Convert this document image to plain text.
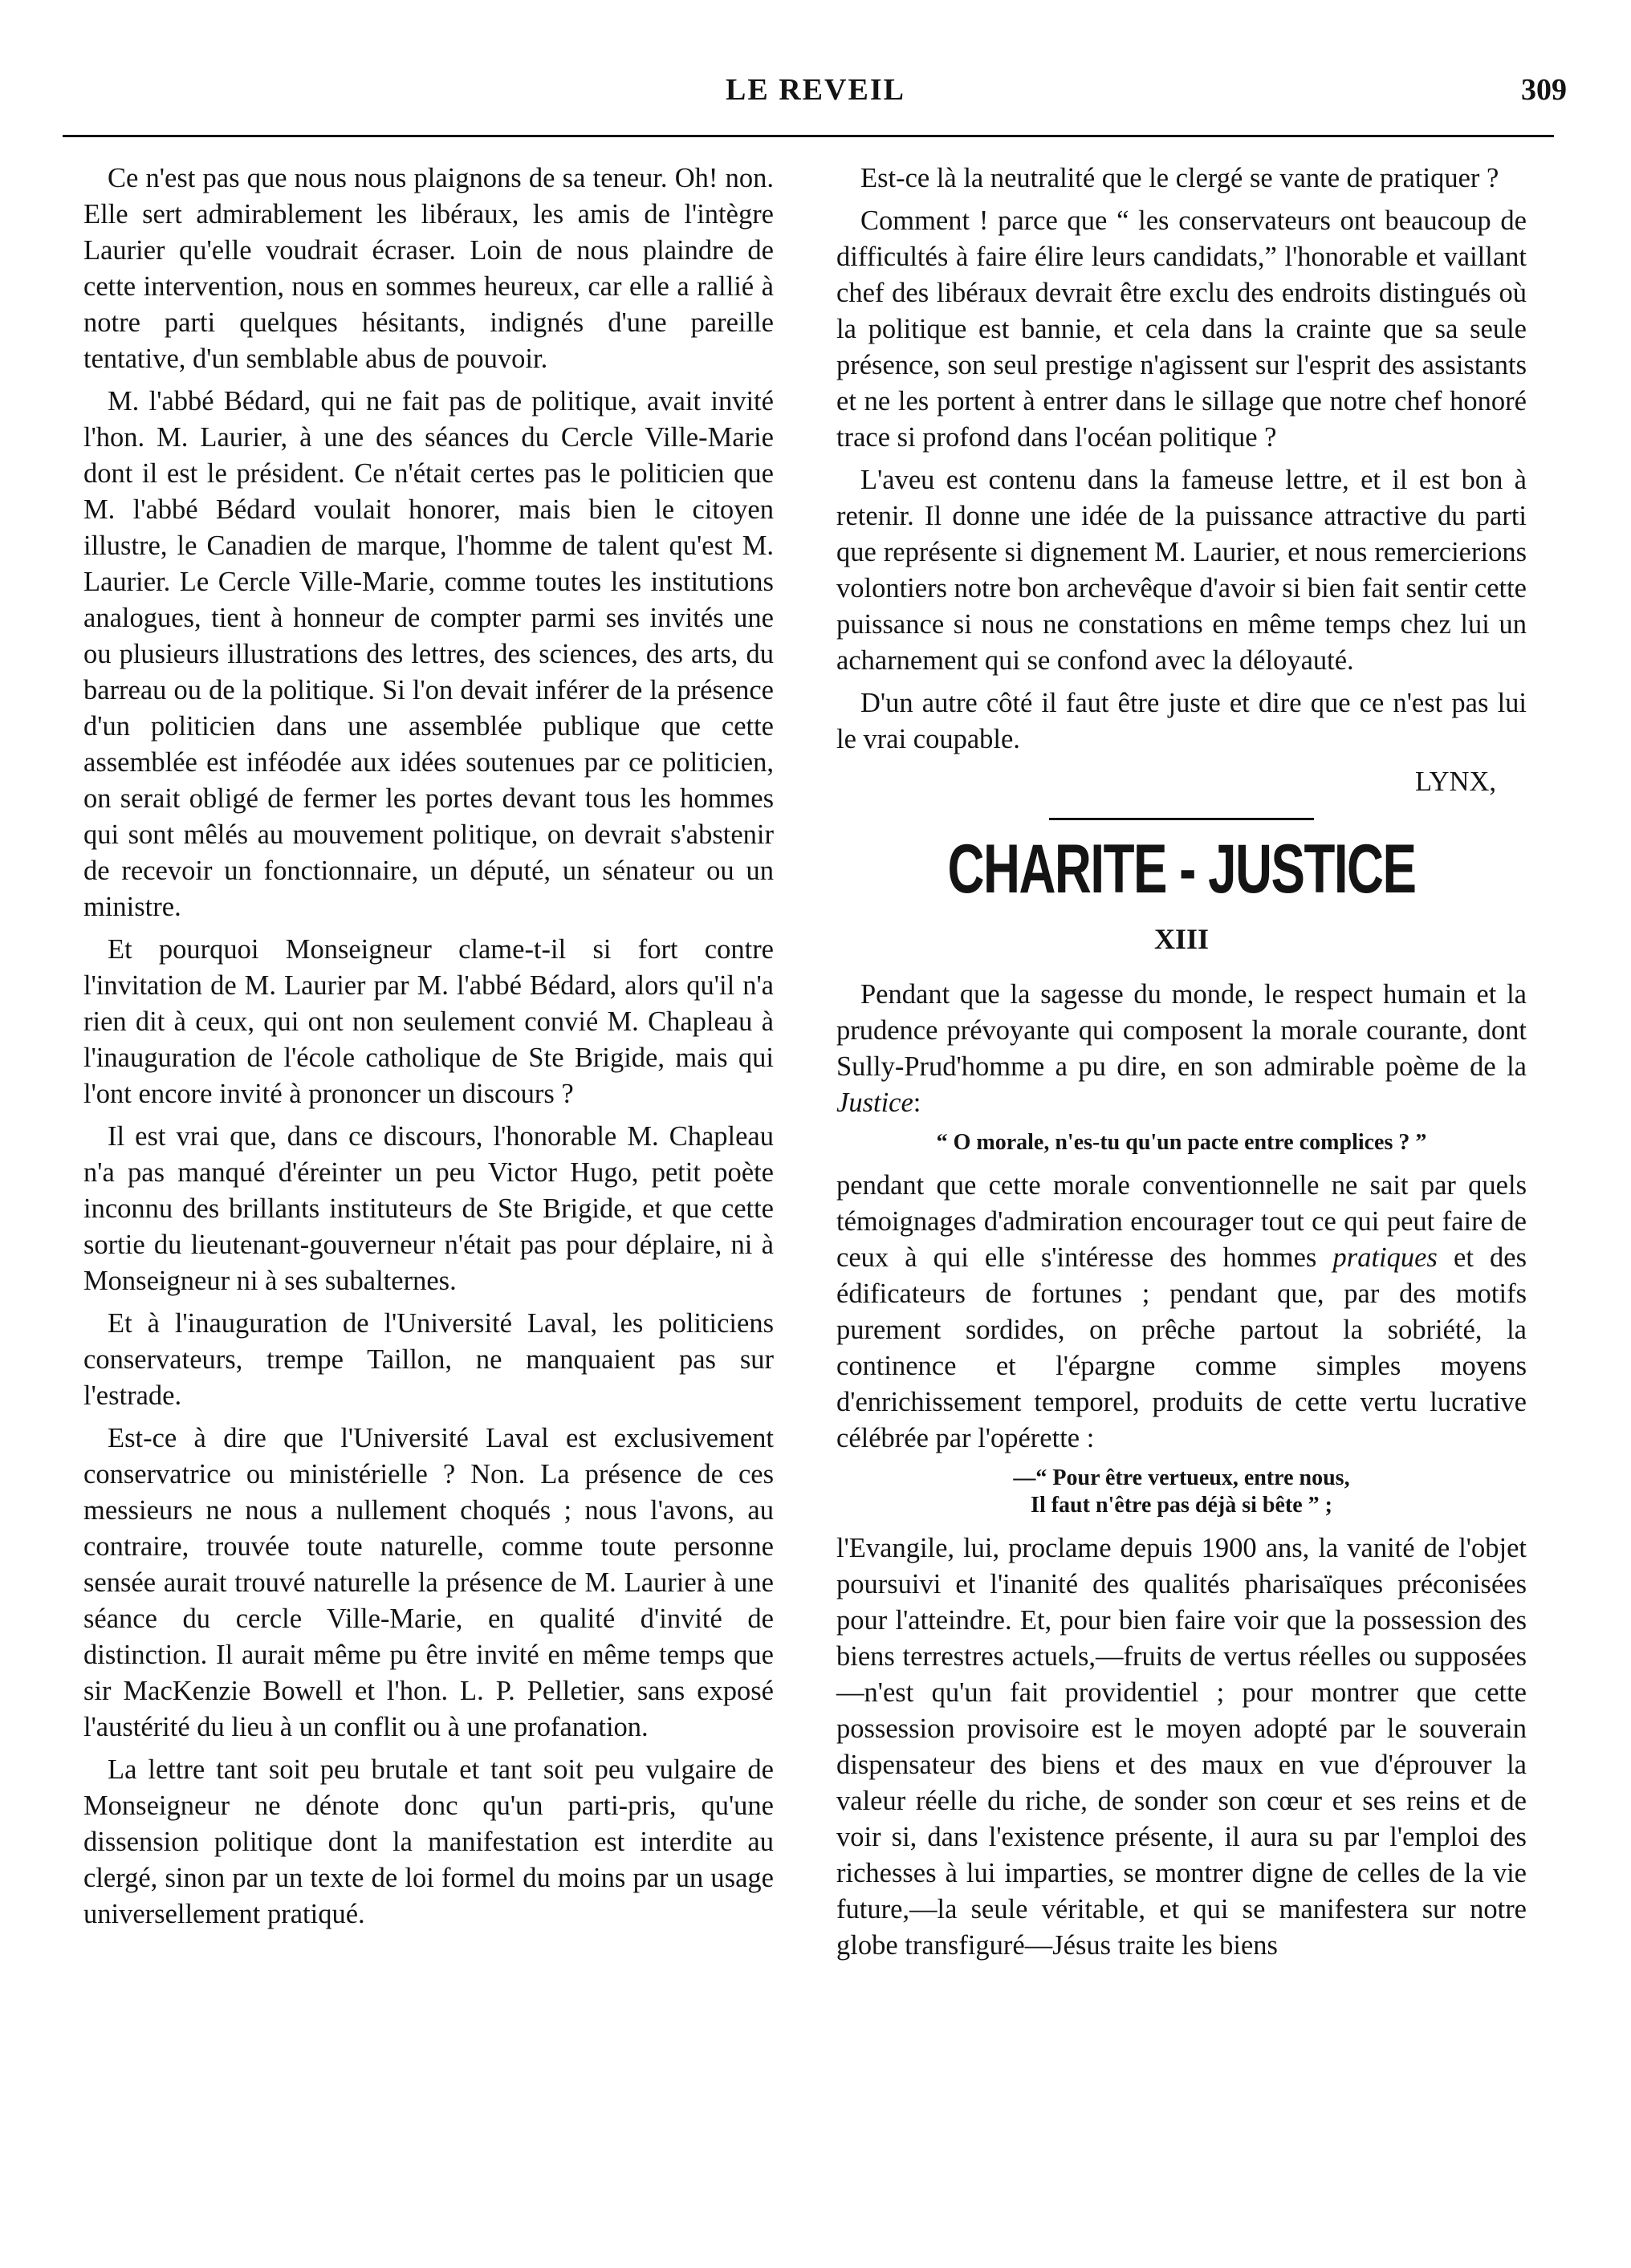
LE REVEIL	309

Ce n'est pas que nous nous plaignons de sa teneur. Oh! non. Elle sert admirablement les libéraux, les amis de l'intègre Laurier qu'elle voudrait écraser. Loin de nous plaindre de cette intervention, nous en sommes heureux, car elle a rallié à notre parti quelques hésitants, indignés d'une pareille tentative, d'un semblable abus de pouvoir.

M. l'abbé Bédard, qui ne fait pas de politique, avait invité l'hon. M. Laurier, à une des séances du Cercle Ville-Marie dont il est le président. Ce n'était certes pas le politicien que M. l'abbé Bédard voulait honorer, mais bien le citoyen illustre, le Canadien de marque, l'homme de talent qu'est M. Laurier. Le Cercle Ville-Marie, comme toutes les institutions analogues, tient à honneur de compter parmi ses invités une ou plusieurs illustrations des lettres, des sciences, des arts, du barreau ou de la politique. Si l'on devait inférer de la présence d'un politicien dans une assemblée publique que cette assemblée est inféodée aux idées soutenues par ce politicien, on serait obligé de fermer les portes devant tous les hommes qui sont mêlés au mouvement politique, on devrait s'abstenir de recevoir un fonctionnaire, un député, un sénateur ou un ministre.

Et pourquoi Monseigneur clame-t-il si fort contre l'invitation de M. Laurier par M. l'abbé Bédard, alors qu'il n'a rien dit à ceux, qui ont non seulement convié M. Chapleau à l'inauguration de l'école catholique de Ste Brigide, mais qui l'ont encore invité à prononcer un discours ?

Il est vrai que, dans ce discours, l'honorable M. Chapleau n'a pas manqué d'éreinter un peu Victor Hugo, petit poète inconnu des brillants instituteurs de Ste Brigide, et que cette sortie du lieutenant-gouverneur n'était pas pour déplaire, ni à Monseigneur ni à ses subalternes.

Et à l'inauguration de l'Université Laval, les politiciens conservateurs, trempe Taillon, ne manquaient pas sur l'estrade.

Est-ce à dire que l'Université Laval est exclusivement conservatrice ou ministérielle ? Non. La présence de ces messieurs ne nous a nullement choqués ; nous l'avons, au contraire, trouvée toute naturelle, comme toute personne sensée aurait trouvé naturelle la présence de M. Laurier à une séance du cercle Ville-Marie, en qualité d'invité de distinction. Il aurait même pu être invité en même temps que sir MacKenzie Bowell et l'hon. L. P. Pelletier, sans exposé l'austérité du lieu à un conflit ou à une profanation.

La lettre tant soit peu brutale et tant soit peu vulgaire de Monseigneur ne dénote donc qu'un parti-pris, qu'une dissension politique dont la manifestation est interdite au clergé, sinon par un texte de loi formel du moins par un usage universellement pratiqué.

Est-ce là la neutralité que le clergé se vante de pratiquer ?

Comment ! parce que “ les conservateurs ont beaucoup de difficultés à faire élire leurs candidats,” l'honorable et vaillant chef des libéraux devrait être exclu des endroits distingués où la politique est bannie, et cela dans la crainte que sa seule présence, son seul prestige n'agissent sur l'esprit des assistants et ne les portent à entrer dans le sillage que notre chef honoré trace si profond dans l'océan politique ?

L'aveu est contenu dans la fameuse lettre, et il est bon à retenir. Il donne une idée de la puissance attractive du parti que représente si dignement M. Laurier, et nous remercierions volontiers notre bon archevêque d'avoir si bien fait sentir cette puissance si nous ne constations en même temps chez lui un acharnement qui se confond avec la déloyauté.

D'un autre côté il faut être juste et dire que ce n'est pas lui le vrai coupable.

LYNX,

CHARITE - JUSTICE
XIII

Pendant que la sagesse du monde, le respect humain et la prudence prévoyante qui composent la morale courante, dont Sully-Prud'homme a pu dire, en son admirable poème de la Justice:

“ O morale, n'es-tu qu'un pacte entre complices ? ”

pendant que cette morale conventionnelle ne sait par quels témoignages d'admiration encourager tout ce qui peut faire de ceux à qui elle s'intéresse des hommes pratiques et des édificateurs de fortunes ; pendant que, par des motifs purement sordides, on prêche partout la sobriété, la continence et l'épargne comme simples moyens d'enrichissement temporel, produits de cette vertu lucrative célébrée par l'opérette :

—“ Pour être vertueux, entre nous,
Il faut n'être pas déjà si bête ” ;

l'Evangile, lui, proclame depuis 1900 ans, la vanité de l'objet poursuivi et l'inanité des qualités pharisaïques préconisées pour l'atteindre. Et, pour bien faire voir que la possession des biens terrestres actuels,—fruits de vertus réelles ou supposées—n'est qu'un fait providentiel ; pour montrer que cette possession provisoire est le moyen adopté par le souverain dispensateur des biens et des maux en vue d'éprouver la valeur réelle du riche, de sonder son cœur et ses reins et de voir si, dans l'existence présente, il aura su par l'emploi des richesses à lui imparties, se montrer digne de celles de la vie future,—la seule véritable, et qui se manifestera sur notre globe transfiguré—Jésus traite les biens
